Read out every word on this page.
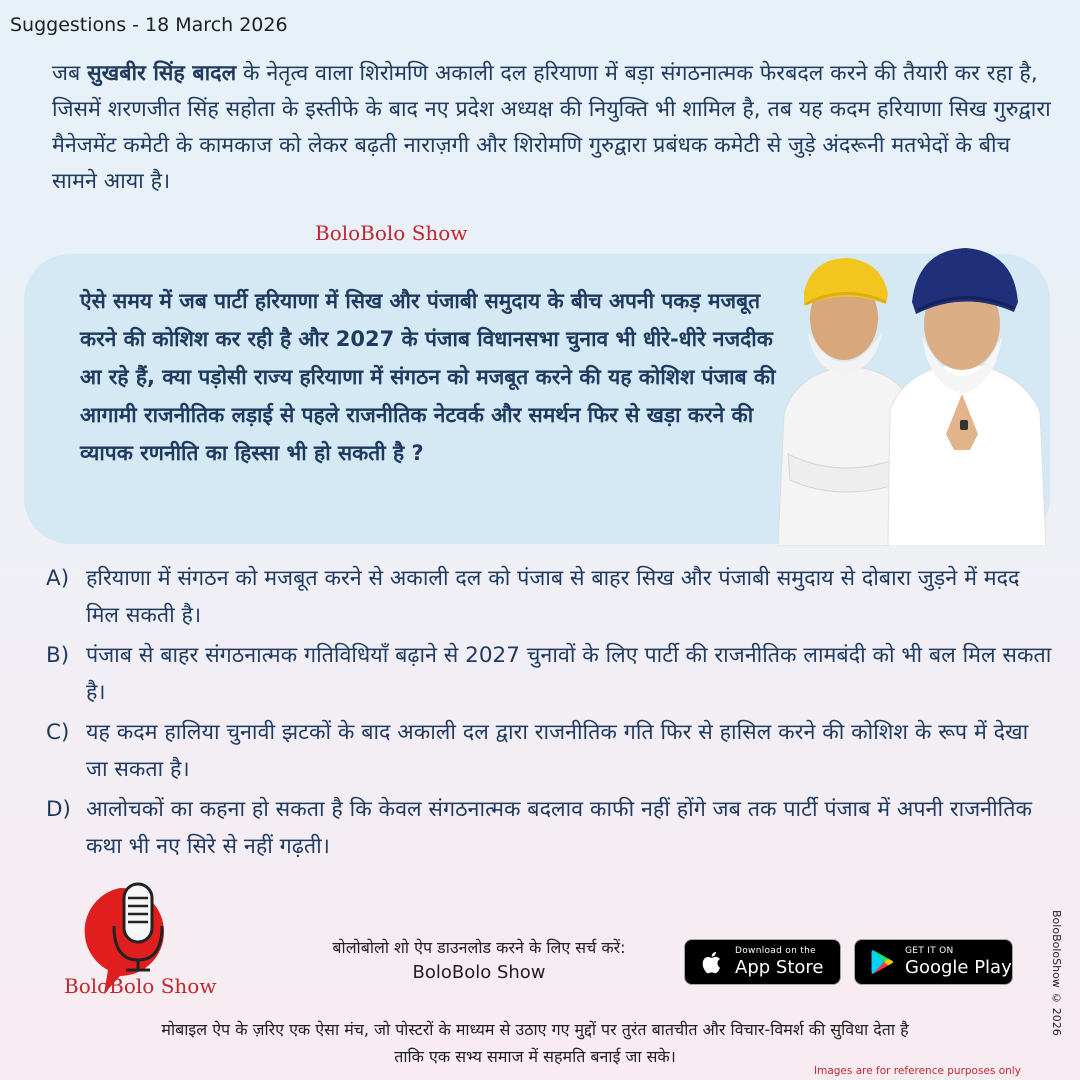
Suggestions - 18 March 2026

जब सुखबीर सिंह बादल के नेतृत्व वाला शिरोमणि अकाली दल हरियाणा में बड़ा संगठनात्मक फेरबदल करने की तैयारी कर रहा है, जिसमें शरणजीत सिंह सहोता के इस्तीफे के बाद नए प्रदेश अध्यक्ष की नियुक्ति भी शामिल है, तब यह कदम हरियाणा सिख गुरुद्वारा मैनेजमेंट कमेटी के कामकाज को लेकर बढ़ती नाराज़गी और शिरोमणि गुरुद्वारा प्रबंधक कमेटी से जुड़े अंदरूनी मतभेदों के बीच सामने आया है।

BoloBolo Show

ऐसे समय में जब पार्टी हरियाणा में सिख और पंजाबी समुदाय के बीच अपनी पकड़ मजबूत करने की कोशिश कर रही है और 2027 के पंजाब विधानसभा चुनाव भी धीरे-धीरे नजदीक आ रहे हैं, क्या पड़ोसी राज्य हरियाणा में संगठन को मजबूत करने की यह कोशिश पंजाब की आगामी राजनीतिक लड़ाई से पहले राजनीतिक नेटवर्क और समर्थन फिर से खड़ा करने की व्यापक रणनीति का हिस्सा भी हो सकती है ?

A) हरियाणा में संगठन को मजबूत करने से अकाली दल को पंजाब से बाहर सिख और पंजाबी समुदाय से दोबारा जुड़ने में मदद मिल सकती है।
B) पंजाब से बाहर संगठनात्मक गतिविधियाँ बढ़ाने से 2027 चुनावों के लिए पार्टी की राजनीतिक लामबंदी को भी बल मिल सकता है।
C) यह कदम हालिया चुनावी झटकों के बाद अकाली दल द्वारा राजनीतिक गति फिर से हासिल करने की कोशिश के रूप में देखा जा सकता है।
D) आलोचकों का कहना हो सकता है कि केवल संगठनात्मक बदलाव काफी नहीं होंगे जब तक पार्टी पंजाब में अपनी राजनीतिक कथा भी नए सिरे से नहीं गढ़ती।
BoloBolo Show
बोलोबोलो शो ऐप डाउनलोड करने के लिए सर्च करें:
BoloBolo Show
Download on the
App Store
GET IT ON
Google Play
मोबाइल ऐप के ज़रिए एक ऐसा मंच, जो पोस्टरों के माध्यम से उठाए गए मुद्दों पर तुरंत बातचीत और विचार-विमर्श की सुविधा देता है
ताकि एक सभ्य समाज में सहमति बनाई जा सके।
BoloBoloShow © 2026
Images are for reference purposes only
